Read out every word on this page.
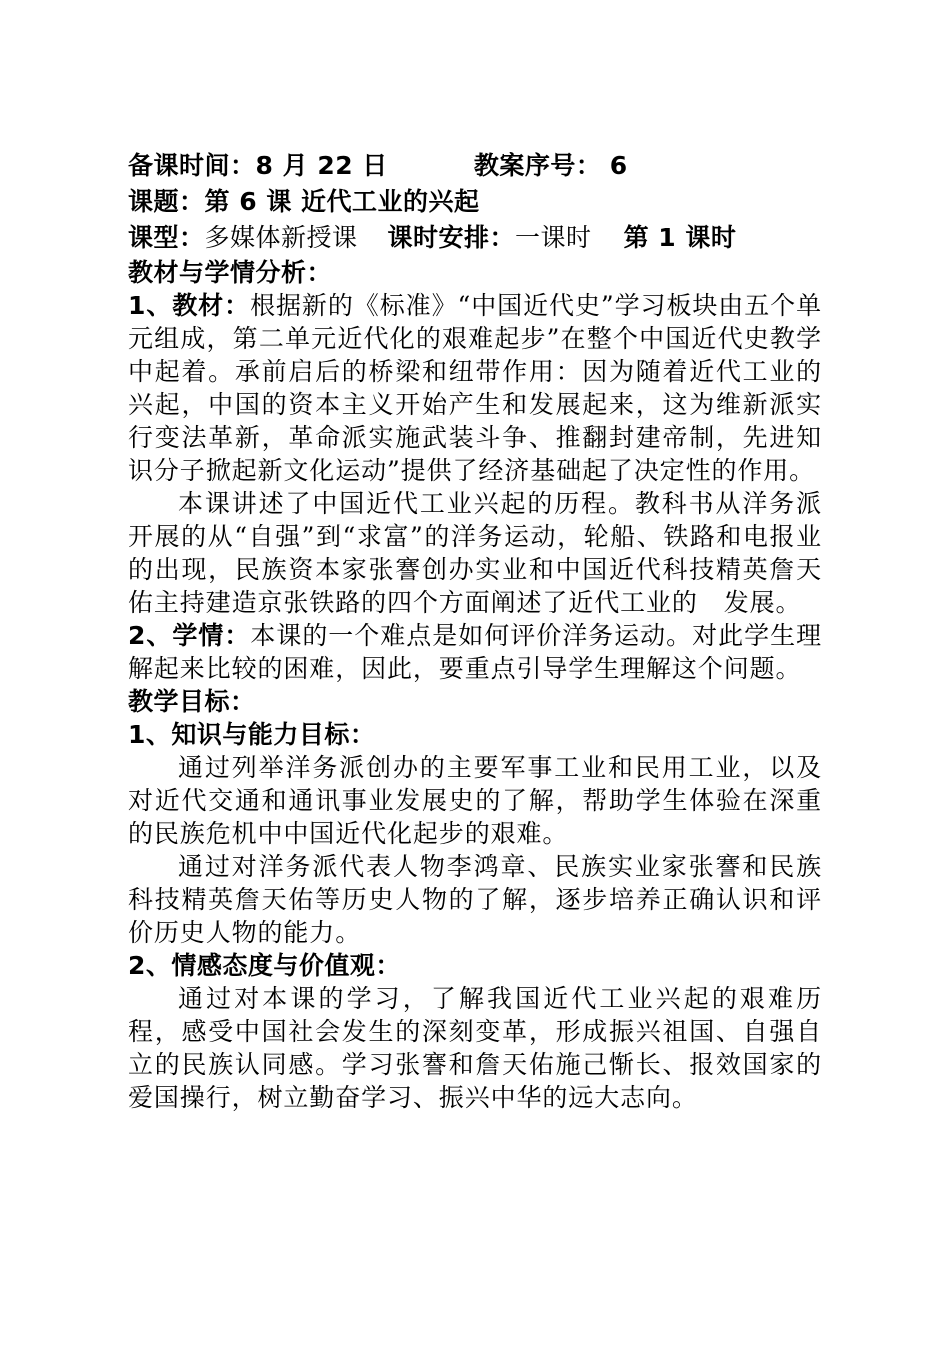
备课时间：8 月 22 日	教案序号： 6

课题：第 6 课 近代工业的兴起

课型：多媒体新授课 课时安排：一课时 第 1 课时

教材与学情分析：

1、教材：根据新的《标准》“中国近代史”学习板块由五个单元组成，第二单元近代化的艰难起步”在整个中国近代史教学中起着。承前启后的桥梁和纽带作用：因为随着近代工业的兴起，中国的资本主义开始产生和发展起来，这为维新派实行变法革新，革命派实施武装斗争、推翻封建帝制，先进知识分子掀起新文化运动”提供了经济基础起了决定性的作用。

本课讲述了中国近代工业兴起的历程。教科书从洋务派开展的从“自强”到“求富”的洋务运动，轮船、铁路和电报业的出现，民族资本家张謇创办实业和中国近代科技精英詹天佑主持建造京张铁路的四个方面阐述了近代工业的　发展。

2、学情：本课的一个难点是如何评价洋务运动。对此学生理解起来比较的困难，因此，要重点引导学生理解这个问题。

教学目标：

1、知识与能力目标：

通过列举洋务派创办的主要军事工业和民用工业，以及对近代交通和通讯事业发展史的了解，帮助学生体验在深重的民族危机中中国近代化起步的艰难。

通过对洋务派代表人物李鸿章、民族实业家张謇和民族科技精英詹天佑等历史人物的了解，逐步培养正确认识和评价历史人物的能力。

2、情感态度与价值观：

通过对本课的学习，了解我国近代工业兴起的艰难历程，感受中国社会发生的深刻变革，形成振兴祖国、自强自立的民族认同感。学习张謇和詹天佑施己惭长、报效国家的爱国操行，树立勤奋学习、振兴中华的远大志向。
